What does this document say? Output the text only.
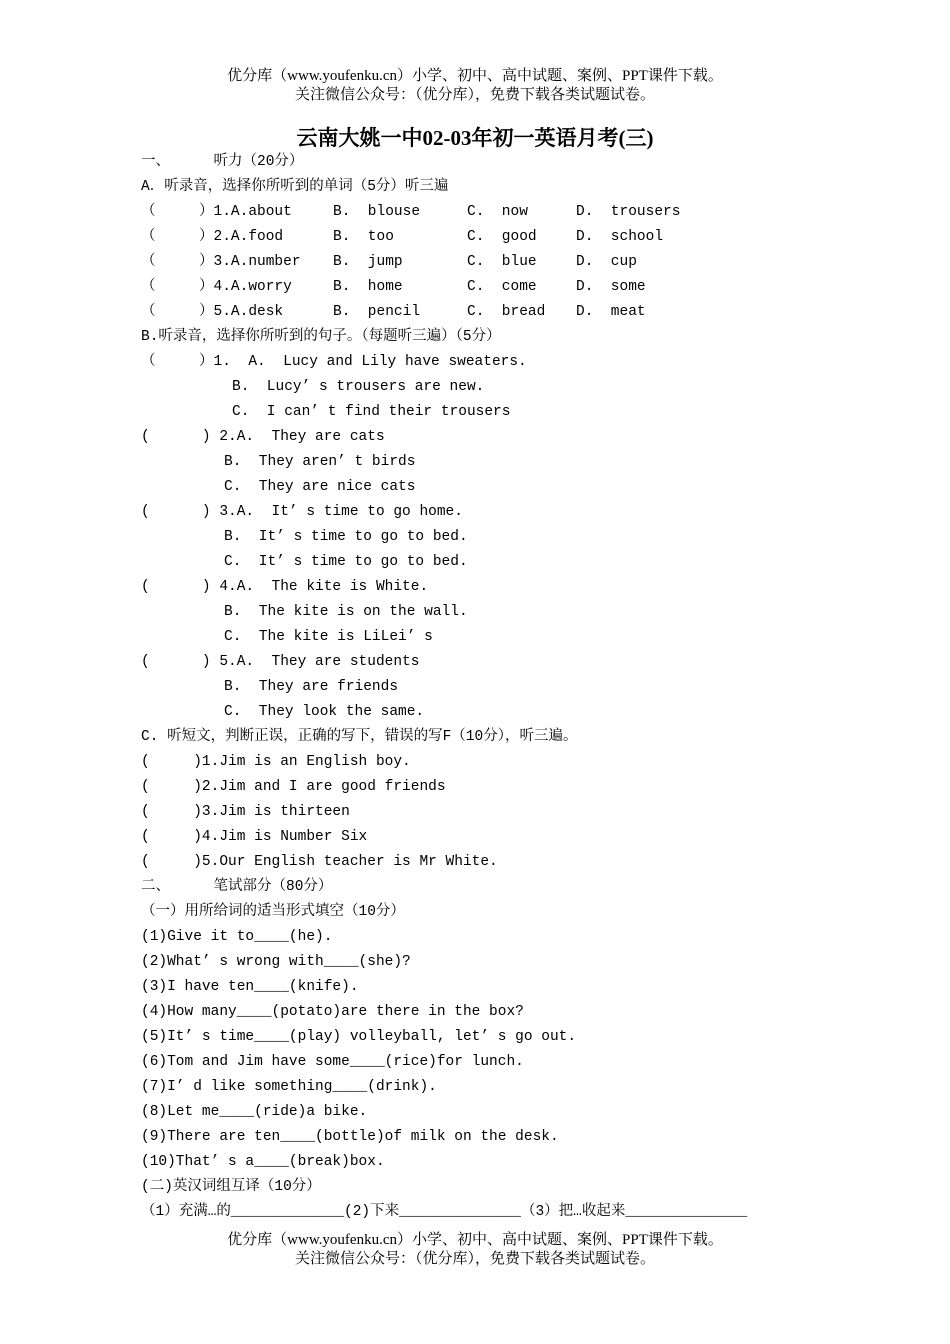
优分库（www.youfenku.cn）小学、初中、高中试题、案例、PPT课件下载。
关注微信公众号：（优分库），免费下载各类试题试卷。
云南大姚一中02-03年初一英语月考(三)
一、     听力（20分）
A．听录音，选择你所听到的单词（5分）听三遍
（     ）1.A.about	B.  blouse	C.  now	D.  trousers
（     ）2.A.food	B.  too	C.  good	D.  school
（     ）3.A.number B.  jump	C.  blue	D.  cup
（     ）4.A.worry	B.  home	C.  come	D.  some
（     ）5.A.desk	B.  pencil	C.  bread D.  meat
B.听录音，选择你所听到的句子。（每题听三遍）（5分）
（     ）1.  A.  Lucy and Lily have sweaters.
B.  Lucy’ s trousers are new.
C.  I can’ t find their trousers
(      ) 2.A.  They are cats
B.  They aren’ t birds
C.  They are nice cats
(      ) 3.A.  It’ s time to go home.
B.  It’ s time to go to bed.
C.  It’ s time to go to bed.
(      ) 4.A.  The kite is White.
B.  The kite is on the wall.
C.  The kite is LiLei’ s
(      ) 5.A.  They are students
B.  They are friends
C.  They look the same.
C. 听短文，判断正误，正确的写下，错误的写F（10分），听三遍。
(     )1.Jim is an English boy.
(     )2.Jim and I are good friends
(     )3.Jim is thirteen
(     )4.Jim is Number Six
(     )5.Our English teacher is Mr White.
二、     笔试部分（80分）
（一）用所给词的适当形式填空（10分）
(1)Give it to____(he).
(2)What’ s wrong with____(she)?
(3)I have ten____(knife).
(4)How many____(potato)are there in the box?
(5)It’ s time____(play) volleyball, let’ s go out.
(6)Tom and Jim have some____(rice)for lunch.
(7)I’ d like something____(drink).
(8)Let me____(ride)a bike.
(9)There are ten____(bottle)of milk on the desk.
(10)That’ s a____(break)box.
(二)英汉词组互译（10分）
（1）充满…的_____________(2)下来______________（3）把…收起来______________
优分库（www.youfenku.cn）小学、初中、高中试题、案例、PPT课件下载。
关注微信公众号：（优分库），免费下载各类试题试卷。
